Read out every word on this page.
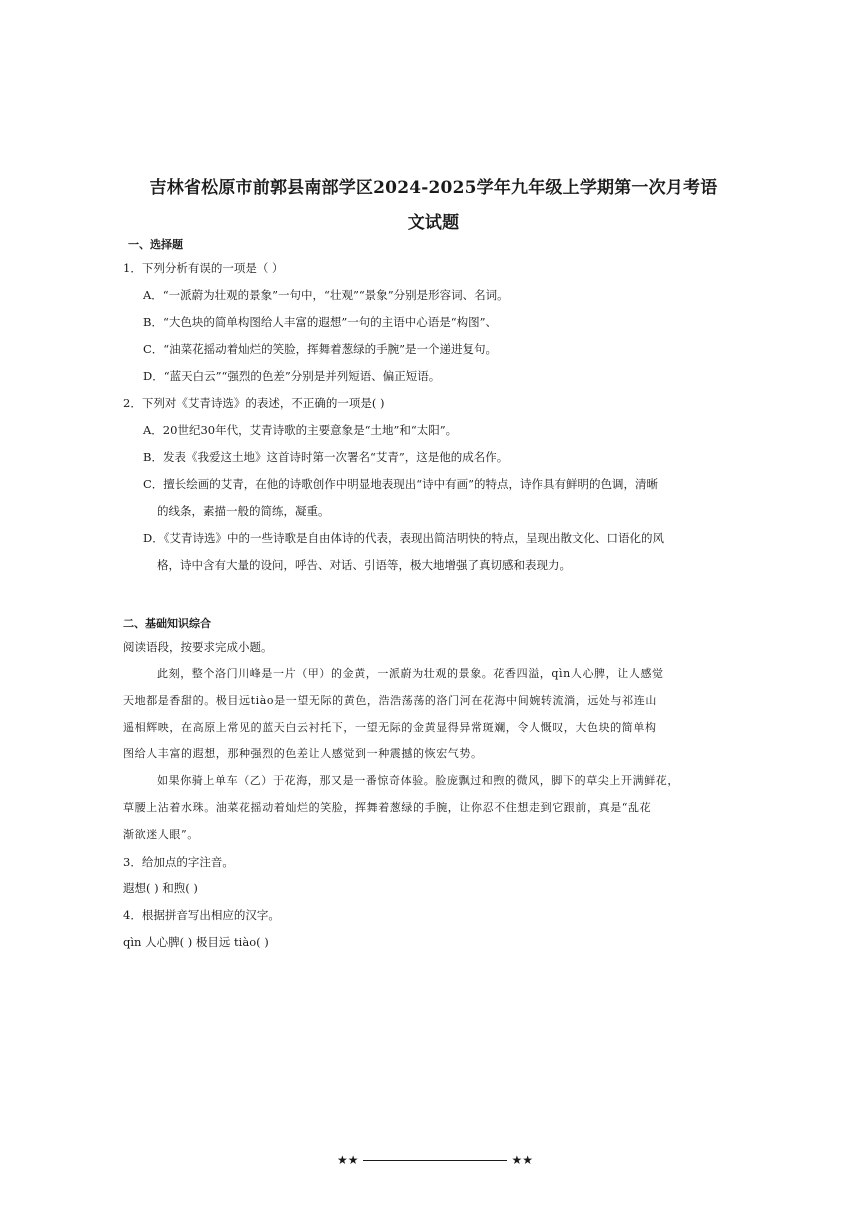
吉林省松原市前郭县南部学区2024-2025学年九年级上学期第一次月考语
文试题
一、选择题
1．下列分析有误的一项是（ ）
A．“一派蔚为壮观的景象”一句中，“壮观”“景象”分别是形容词、名词。
B．“大色块的简单构图给人丰富的遐想”一句的主语中心语是“构图”、
C．“油菜花摇动着灿烂的笑脸，挥舞着葱绿的手腕”是一个递进复句。
D．“蓝天白云”“强烈的色差”分别是并列短语、偏正短语。
2．下列对《艾青诗选》的表述，不正确的一项是( )
A．20世纪30年代，艾青诗歌的主要意象是“土地”和“太阳”。
B．发表《我爱这土地》这首诗时第一次署名“艾青”，这是他的成名作。
C．擅长绘画的艾青，在他的诗歌创作中明显地表现出“诗中有画”的特点，诗作具有鲜明的色调，清晰
的线条，素描一般的简练，凝重。
D．《艾青诗选》中的一些诗歌是自由体诗的代表，表现出简洁明快的特点，呈现出散文化、口语化的风
格，诗中含有大量的设问，呼告、对话、引语等，极大地增强了真切感和表现力。
二、基础知识综合
阅读语段，按要求完成小题。
此刻，整个洛门川峰是一片（甲）的金黄，一派蔚为壮观的景象。花香四溢，qìn人心脾，让人感觉
天地都是香甜的。极目远tiào是一望无际的黄色，浩浩荡荡的洛门河在花海中间婉转流淌，远处与祁连山
遥相辉映，在高原上常见的蓝天白云衬托下，一望无际的金黄显得异常斑斓，令人慨叹，大色块的简单构
图给人丰富的遐想，那种强烈的色差让人感觉到一种震撼的恢宏气势。
如果你骑上单车（乙）于花海，那又是一番惊奇体验。脸庞飘过和煦的微风，脚下的草尖上开满鲜花，
草腰上沾着水珠。油菜花摇动着灿烂的笑脸，挥舞着葱绿的手腕，让你忍不住想走到它跟前，真是“乱花
渐欲迷人眼”。
3．给加点的字注音。
遐想( ) 和煦( )
4．根据拼音写出相应的汉字。
qìn 人心脾( ) 极目远 tiào( )
★★	★★
